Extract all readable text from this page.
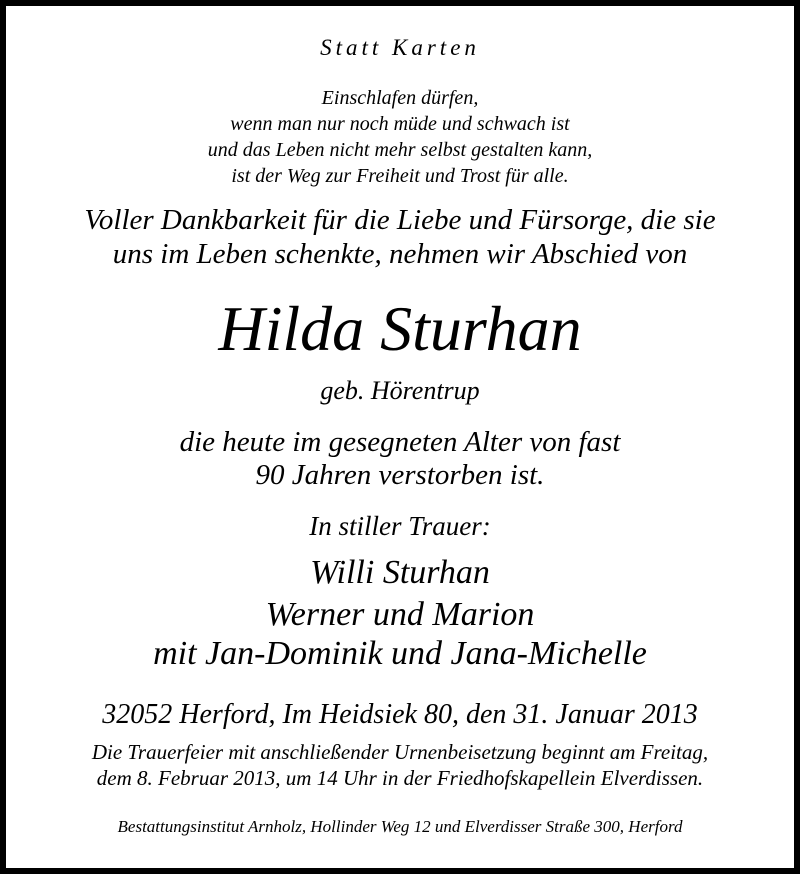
Statt Karten
Einschlafen dürfen,
wenn man nur noch müde und schwach ist
und das Leben nicht mehr selbst gestalten kann,
ist der Weg zur Freiheit und Trost für alle.
Voller Dankbarkeit für die Liebe und Fürsorge, die sie
uns im Leben schenkte, nehmen wir Abschied von
Hilda Sturhan
geb. Hörentrup
die heute im gesegneten Alter von fast
90 Jahren verstorben ist.
In stiller Trauer:
Willi Sturhan
Werner und Marion
mit Jan-Dominik und Jana-Michelle
32052 Herford, Im Heidsiek 80, den 31. Januar 2013
Die Trauerfeier mit anschließender Urnenbeisetzung beginnt am Freitag,
dem 8. Februar 2013, um 14 Uhr in der Friedhofskapellein Elverdissen.
Bestattungsinstitut Arnholz, Hollinder Weg 12 und Elverdisser Straße 300, Herford
